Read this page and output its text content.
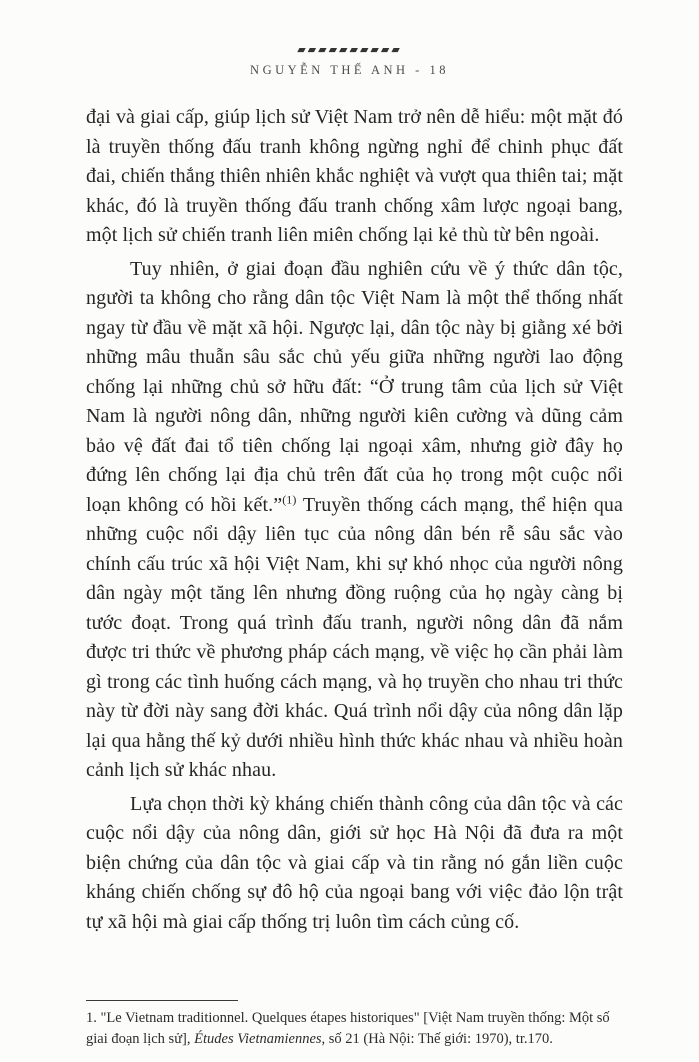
▰▰▰▰▰▰▰▰▰▰
NGUYỄN THẾ ANH - 18

đại và giai cấp, giúp lịch sử Việt Nam trở nên dễ hiểu: một mặt đó là truyền thống đấu tranh không ngừng nghỉ để chinh phục đất đai, chiến thắng thiên nhiên khắc nghiệt và vượt qua thiên tai; mặt khác, đó là truyền thống đấu tranh chống xâm lược ngoại bang, một lịch sử chiến tranh liên miên chống lại kẻ thù từ bên ngoài.

Tuy nhiên, ở giai đoạn đầu nghiên cứu về ý thức dân tộc, người ta không cho rằng dân tộc Việt Nam là một thể thống nhất ngay từ đầu về mặt xã hội. Ngược lại, dân tộc này bị giằng xé bởi những mâu thuẫn sâu sắc chủ yếu giữa những người lao động chống lại những chủ sở hữu đất: “Ở trung tâm của lịch sử Việt Nam là người nông dân, những người kiên cường và dũng cảm bảo vệ đất đai tổ tiên chống lại ngoại xâm, nhưng giờ đây họ đứng lên chống lại địa chủ trên đất của họ trong một cuộc nổi loạn không có hồi kết.”$^{(1)}$ Truyền thống cách mạng, thể hiện qua những cuộc nổi dậy liên tục của nông dân bén rễ sâu sắc vào chính cấu trúc xã hội Việt Nam, khi sự khó nhọc của người nông dân ngày một tăng lên nhưng đồng ruộng của họ ngày càng bị tước đoạt. Trong quá trình đấu tranh, người nông dân đã nắm được tri thức về phương pháp cách mạng, về việc họ cần phải làm gì trong các tình huống cách mạng, và họ truyền cho nhau tri thức này từ đời này sang đời khác. Quá trình nổi dậy của nông dân lặp lại qua hằng thế kỷ dưới nhiều hình thức khác nhau và nhiều hoàn cảnh lịch sử khác nhau.

Lựa chọn thời kỳ kháng chiến thành công của dân tộc và các cuộc nổi dậy của nông dân, giới sử học Hà Nội đã đưa ra một biện chứng của dân tộc và giai cấp và tin rằng nó gắn liền cuộc kháng chiến chống sự đô hộ của ngoại bang với việc đảo lộn trật tự xã hội mà giai cấp thống trị luôn tìm cách củng cố.

1. "Le Vietnam traditionnel. Quelques étapes historiques" [Việt Nam truyền thống: Một số giai đoạn lịch sử], Études Vietnamiennes, số 21 (Hà Nội: Thế giới: 1970), tr.170.
